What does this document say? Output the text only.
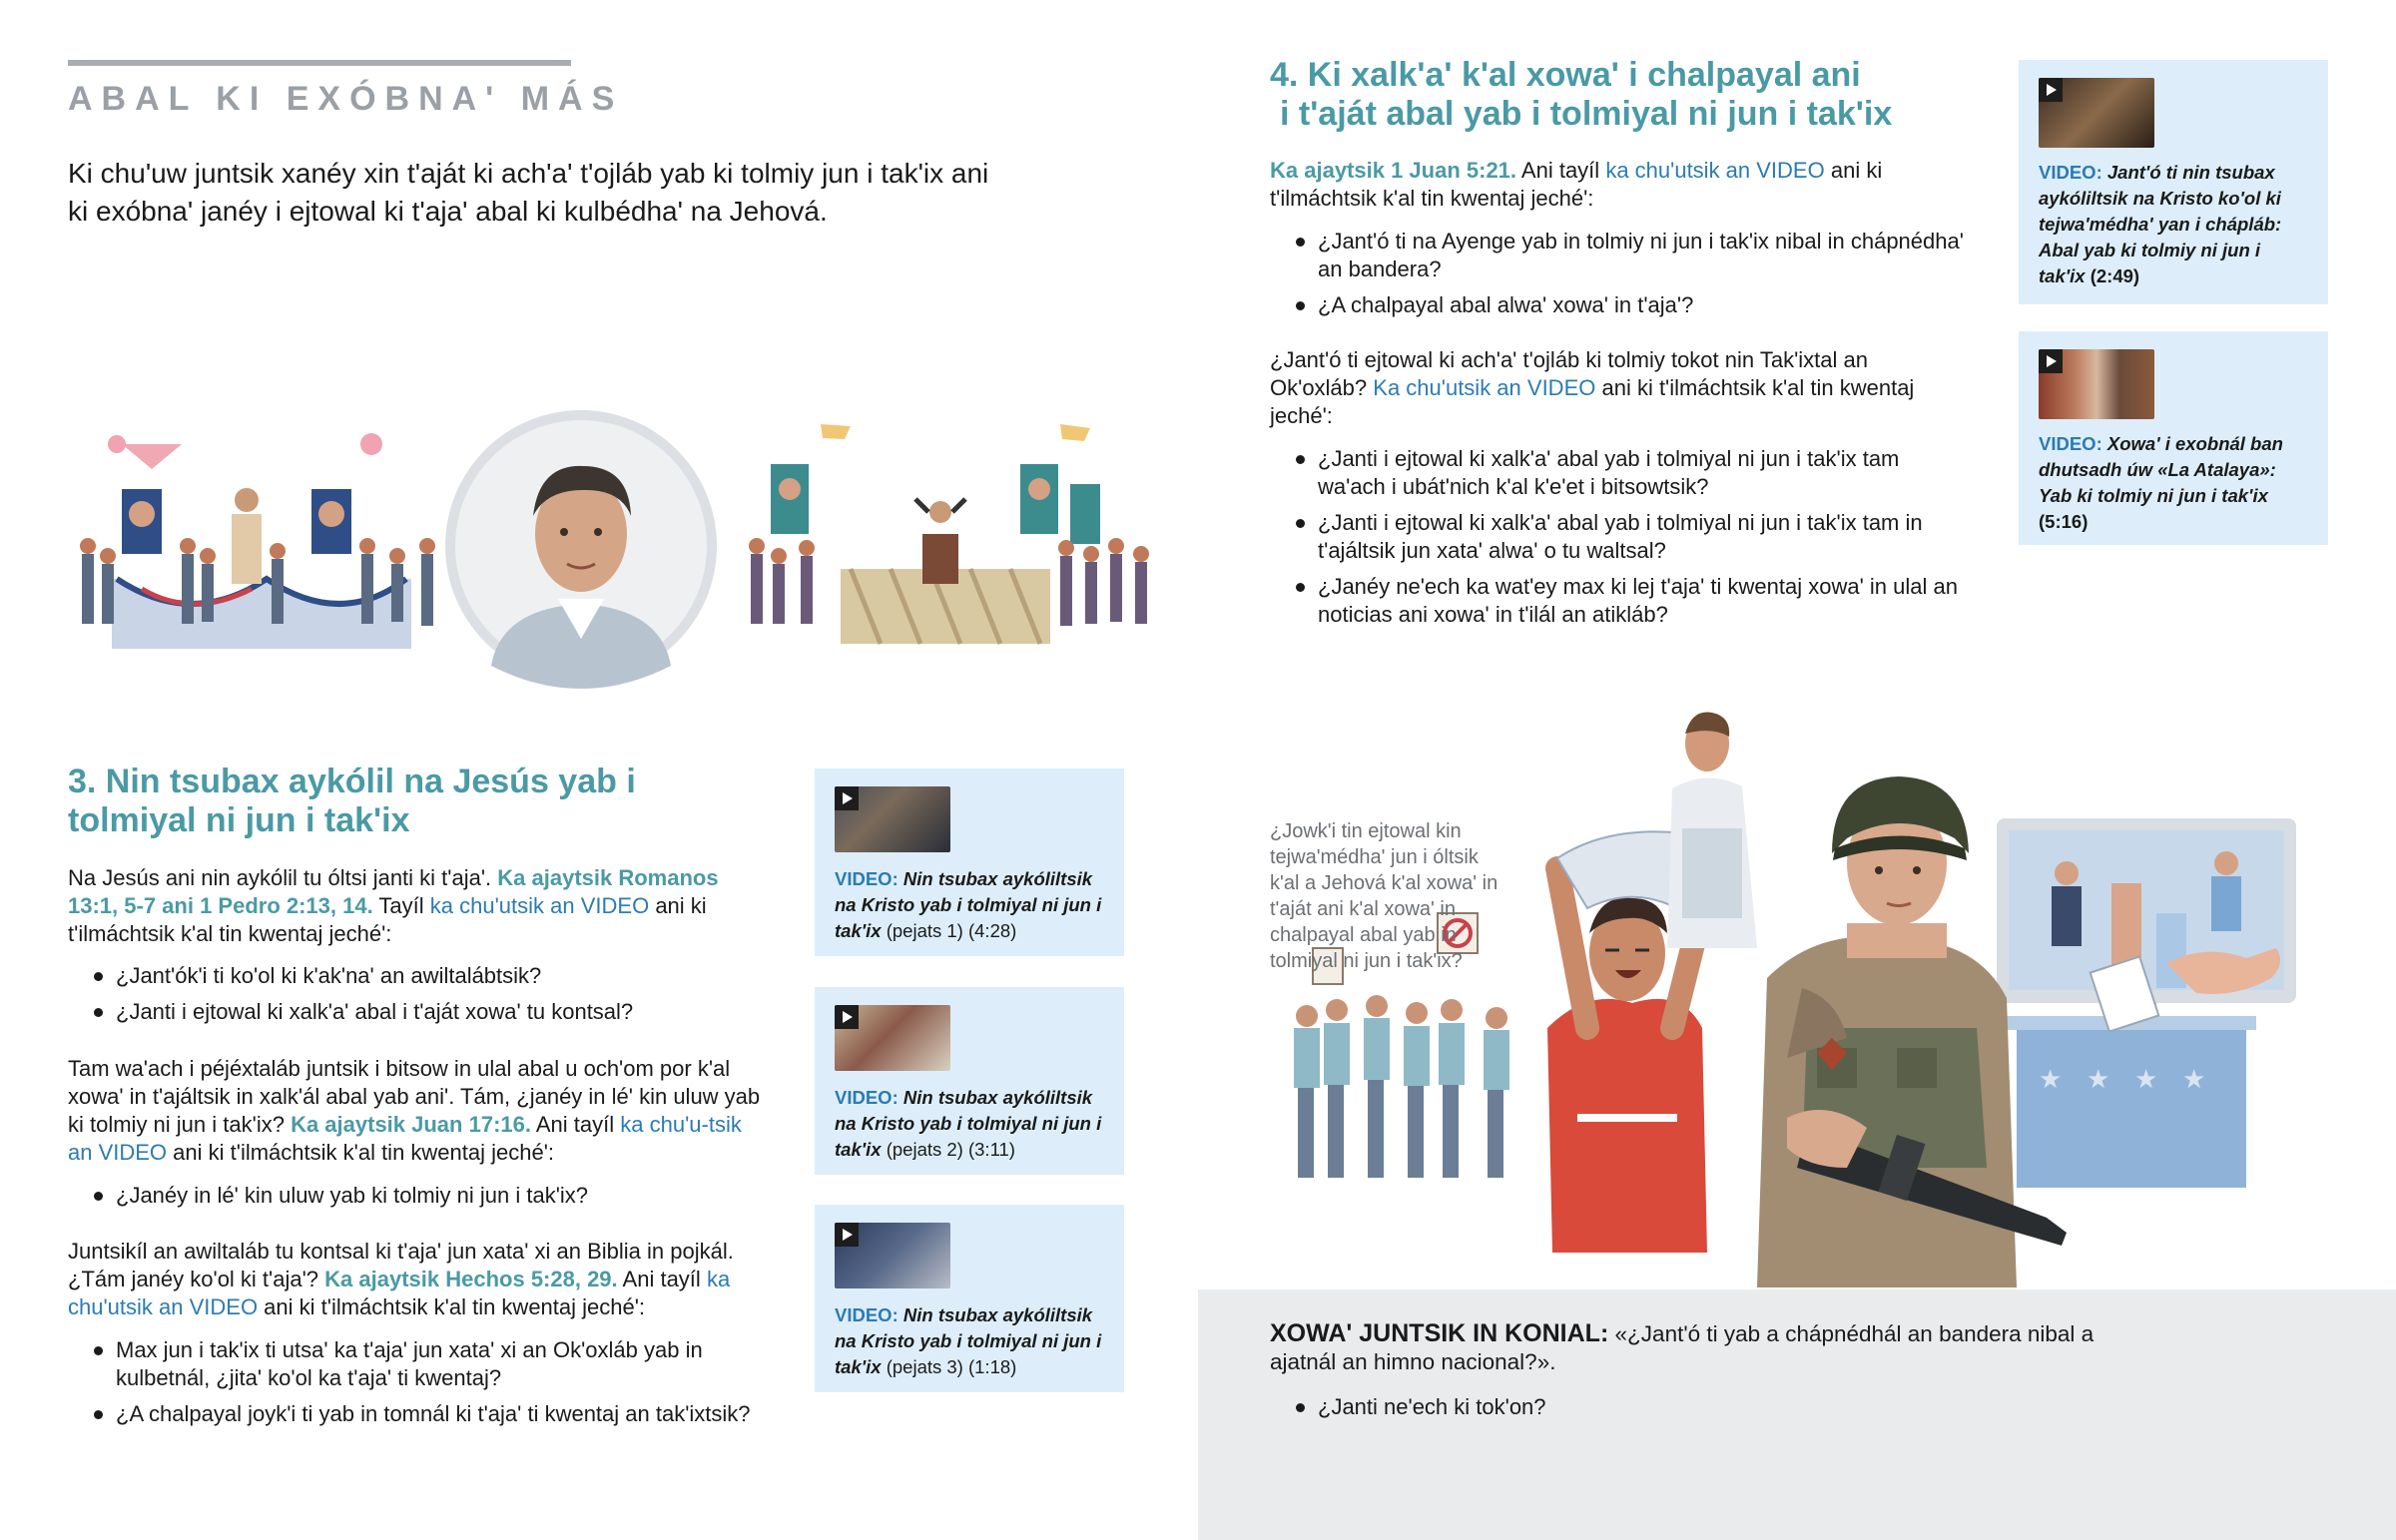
ABAL KI EXÓBNA' MÁS
Ki chu'uw juntsik xanéy xin t'aját ki ach'a' t'ojláb yab ki tolmiy jun i tak'ix ani ki exóbna' janéy i ejtowal ki t'aja' abal ki kulbédha' na Jehová.
3. Nin tsubax aykólil na Jesús yab i tolmiyal ni jun i tak'ix
Na Jesús ani nin aykólil tu óltsi janti ki t'aja'. Ka ajaytsik Romanos 13:1, 5-7 ani 1 Pedro 2:13, 14. Tayíl ka chu'utsik an VIDEO ani ki t'ilmáchtsik k'al tin kwentaj jeché':
¿Jant'ók'i ti ko'ol ki k'ak'na' an awiltalábtsik?
¿Janti i ejtowal ki xalk'a' abal i t'aját xowa' tu kontsal?
Tam wa'ach i péjéxtaláb juntsik i bitsow in ulal abal u och'om por k'al xowa' in t'ajáltsik in xalk'ál abal yab ani'. Tám, ¿janéy in lé' kin uluw yab ki tolmiy ni jun i tak'ix? Ka ajaytsik Juan 17:16. Ani tayíl ka chu'u-tsik an VIDEO ani ki t'ilmáchtsik k'al tin kwentaj jeché':
¿Janéy in lé' kin uluw yab ki tolmiy ni jun i tak'ix?
Juntsikíl an awiltaláb tu kontsal ki t'aja' jun xata' xi an Biblia in pojkál. ¿Tám janéy ko'ol ki t'aja'? Ka ajaytsik Hechos 5:28, 29. Ani tayíl ka chu'utsik an VIDEO ani ki t'ilmáchtsik k'al tin kwentaj jeché':
Max jun i tak'ix ti utsa' ka t'aja' jun xata' xi an Ok'oxláb yab in kulbetnál, ¿jita' ko'ol ka t'aja' ti kwentaj?
¿A chalpayal joyk'i ti yab in tomnál ki t'aja' ti kwentaj an tak'ixtsik?
VIDEO: Nin tsubax aykóliltsik na Kristo yab i tolmiyal ni jun i tak'ix (pejats 1) (4:28)
VIDEO: Nin tsubax aykóliltsik na Kristo yab i tolmiyal ni jun i tak'ix (pejats 2) (3:11)
VIDEO: Nin tsubax aykóliltsik na Kristo yab i tolmiyal ni jun i tak'ix (pejats 3) (1:18)
4. Ki xalk'a' k'al xowa' i chalpayal ani
i t'aját abal yab i tolmiyal ni jun i tak'ix
Ka ajaytsik 1 Juan 5:21. Ani tayíl ka chu'utsik an VIDEO ani ki t'ilmáchtsik k'al tin kwentaj jeché':
¿Jant'ó ti na Ayenge yab in tolmiy ni jun i tak'ix nibal in chápnédha' an bandera?
¿A chalpayal abal alwa' xowa' in t'aja'?
¿Jant'ó ti ejtowal ki ach'a' t'ojláb ki tolmiy tokot nin Tak'ixtal an Ok'oxláb? Ka chu'utsik an VIDEO ani ki t'ilmáchtsik k'al tin kwentaj jeché':
¿Janti i ejtowal ki xalk'a' abal yab i tolmiyal ni jun i tak'ix tam wa'ach i ubát'nich k'al k'e'et i bitsowtsik?
¿Janti i ejtowal ki xalk'a' abal yab i tolmiyal ni jun i tak'ix tam in t'ajáltsik jun xata' alwa' o tu waltsal?
¿Janéy ne'ech ka wat'ey max ki lej t'aja' ti kwentaj xowa' in ulal an noticias ani xowa' in t'ilál an atikláb?
VIDEO: Jant'ó ti nin tsubax aykóliltsik na Kristo ko'ol ki tejwa'médha' yan i chápláb: Abal yab ki tolmiy ni jun i tak'ix (2:49)
VIDEO: Xowa' i exobnál ban dhutsadh úw «La Atalaya»: Yab ki tolmiy ni jun i tak'ix (5:16)
★ ★ ★ ★
¿Jowk'i tin ejtowal kin tejwa'médha' jun i óltsik k'al a Jehová k'al xowa' in t'aját ani k'al xowa' in chalpayal abal yab in tolmiyal ni jun i tak'ix?
XOWA' JUNTSIK IN KONIAL: «¿Jant'ó ti yab a chápnédhál an bandera nibal a ajatnál an himno nacional?».
¿Janti ne'ech ki tok'on?
